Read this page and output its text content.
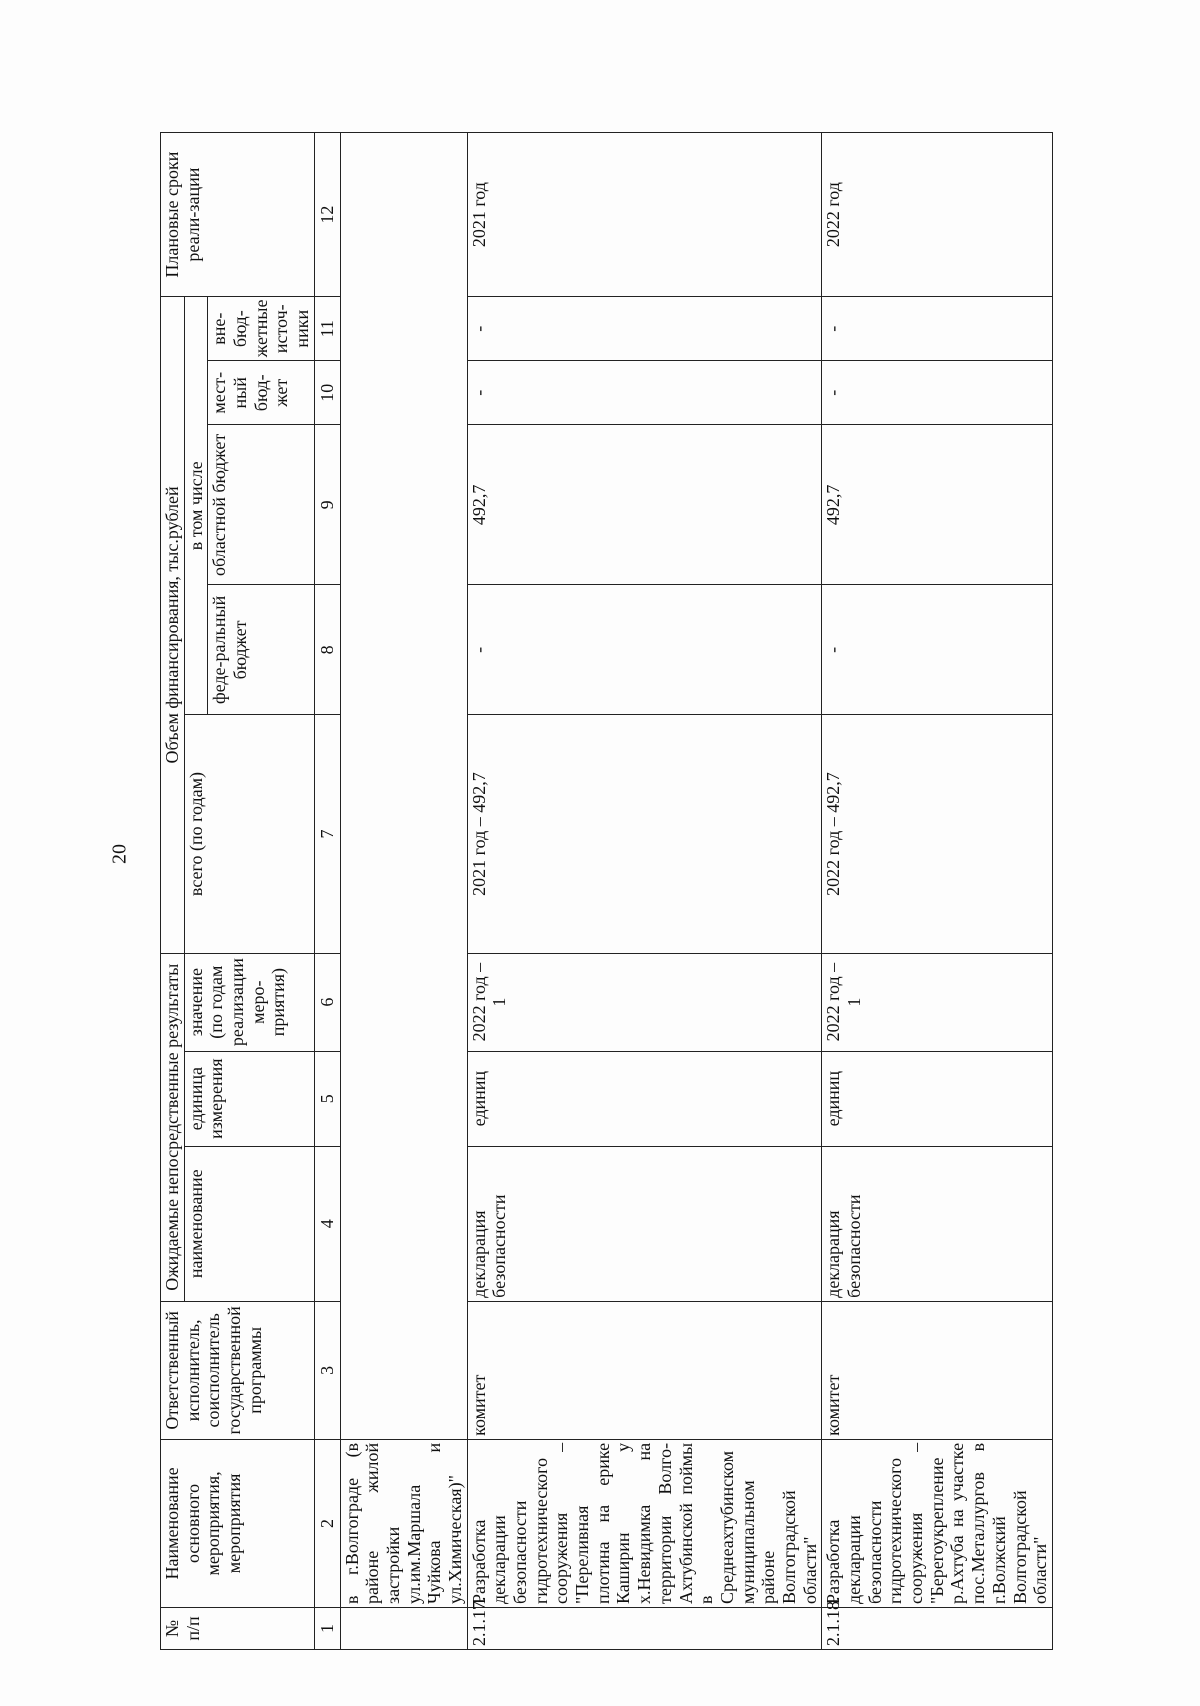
20
№
п/п	Наименование основного мероприятия, мероприятия	Ответственный исполнитель, соисполнитель государственной программы	Ожидаемые непосредственные результаты			Объем финансирования, тыс.рублей					Плановые сроки реали-зации
			наименование	единица измерения	значение (по годам реализации меро-приятия)	всего (по годам)	в том числе				
							феде-ральный бюджет	областной бюджет	мест-ный бюд-жет	вне-бюд-жетные источ-ники	
1	2	3	4	5	6	7	8	9	10	11	12
	в г.Волгограде (в районе жилой застройки ул.им.Маршала Чуйкова и ул.Химическая)"										
2.1.17.	Разработка декларации безопасности гидротехнического сооружения – "Переливная плотина на ерике Каширин у х.Невидимка на территории Волго-Ахтубинской поймы в Среднеахтубинском муниципальном районе Волгоградской области"	комитет	декларация безопасности	единиц	2022 год – 1	2021 год – 492,7	-	492,7	-	-	2021 год
2.1.18.	Разработка декларации безопасности гидротехнического сооружения – "Берегоукрепление р.Ахтуба на участке пос.Металлургов в г.Волжский Волгоградской области"	комитет	декларация безопасности	единиц	2022 год – 1	2022 год – 492,7	-	492,7	-	-	2022 год
